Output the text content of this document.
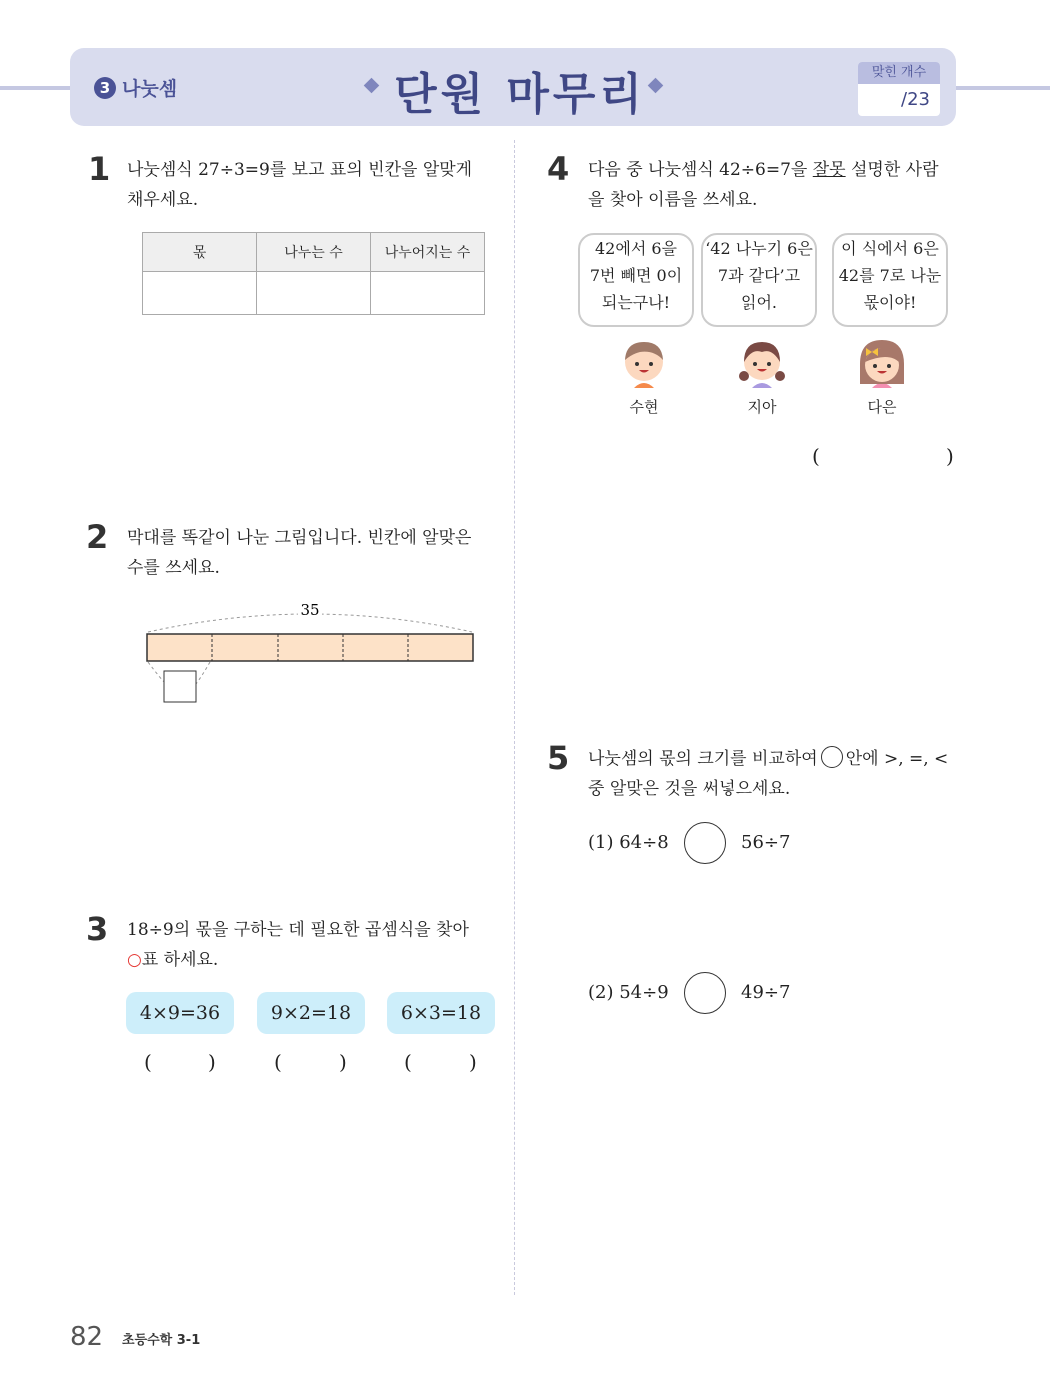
3 나눗셈	단원 마무리	맞힌 개수
/23
1 나눗셈식 27÷3=9를 보고 표의 빈칸을 알맞게
채우세요.
몫	나누는 수	나누어지는 수

2 막대를 똑같이 나눈 그림입니다. 빈칸에 알맞은
수를 쓰세요.
35
3 18÷9의 몫을 구하는 데 필요한 곱셈식을 찾아
○표 하세요.
4×9=36	9×2=18	6×3=18
(	)	(	)	(	)
4 다음 중 나눗셈식 42÷6=7을 잘못 설명한 사람
을 찾아 이름을 쓰세요.
42에서 6을
7번 빼면 0이
되는구나!
‘42 나누기 6은
7과 같다’고
읽어.
이 식에서 6은
42를 7로 나눈
몫이야!
수현	지아	다은
(	)
5 나눗셈의 몫의 크기를 비교하여 안에 >, =, <
중 알맞은 것을 써넣으세요.
(1) 64÷8	56÷7
(2) 54÷9	49÷7
82 초등수학 3-1
